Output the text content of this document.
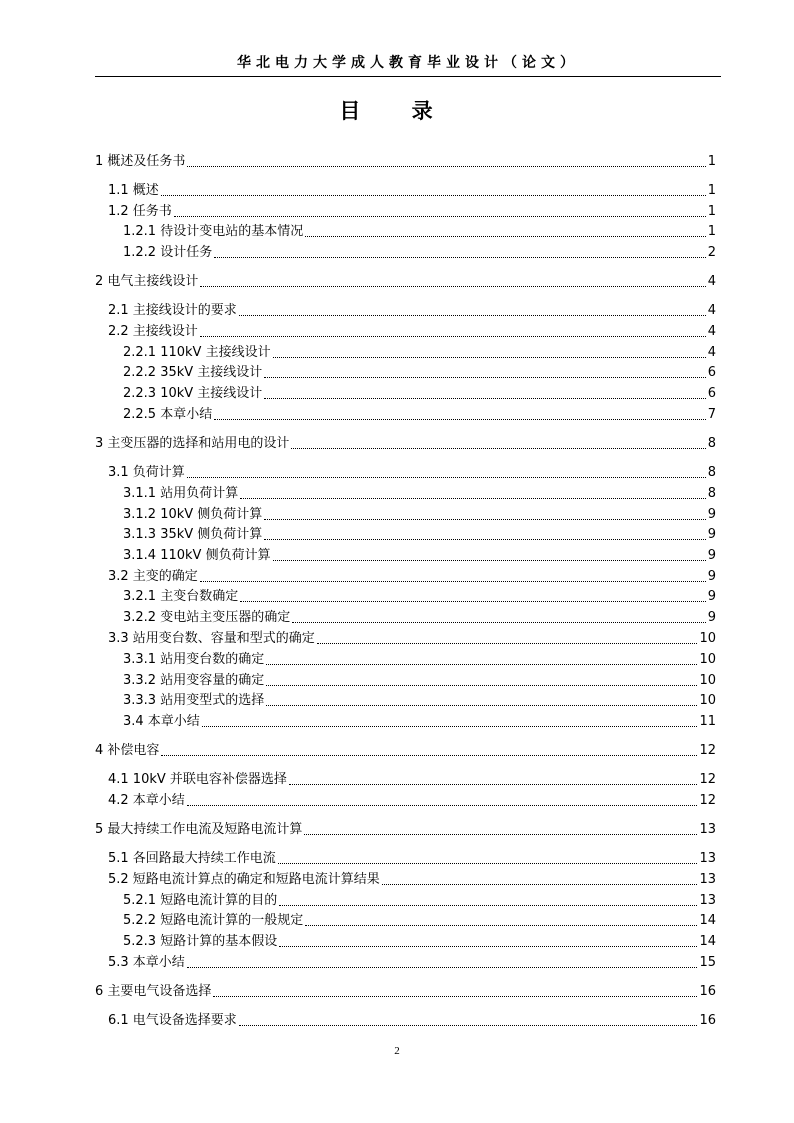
华北电力大学成人教育毕业设计（论文）
目 录
1 概述及任务书	1
1.1 概述	1
1.2 任务书	1
1.2.1 待设计变电站的基本情况	1
1.2.2 设计任务	2
2 电气主接线设计	4
2.1 主接线设计的要求	4
2.2 主接线设计	4
2.2.1 110kV 主接线设计	4
2.2.2 35kV 主接线设计	6
2.2.3 10kV 主接线设计	6
2.2.5 本章小结	7
3 主变压器的选择和站用电的设计	8
3.1 负荷计算	8
3.1.1 站用负荷计算	8
3.1.2 10kV 侧负荷计算	9
3.1.3 35kV 侧负荷计算	9
3.1.4 110kV 侧负荷计算	9
3.2 主变的确定	9
3.2.1 主变台数确定	9
3.2.2 变电站主变压器的确定	9
3.3 站用变台数、容量和型式的确定	10
3.3.1 站用变台数的确定	10
3.3.2 站用变容量的确定	10
3.3.3 站用变型式的选择	10
3.4 本章小结	11
4 补偿电容	12
4.1 10kV 并联电容补偿器选择	12
4.2 本章小结	12
5 最大持续工作电流及短路电流计算	13
5.1 各回路最大持续工作电流	13
5.2 短路电流计算点的确定和短路电流计算结果	13
5.2.1 短路电流计算的目的	13
5.2.2 短路电流计算的一般规定	14
5.2.3 短路计算的基本假设	14
5.3 本章小结	15
6 主要电气设备选择	16
6.1 电气设备选择要求	16
2
